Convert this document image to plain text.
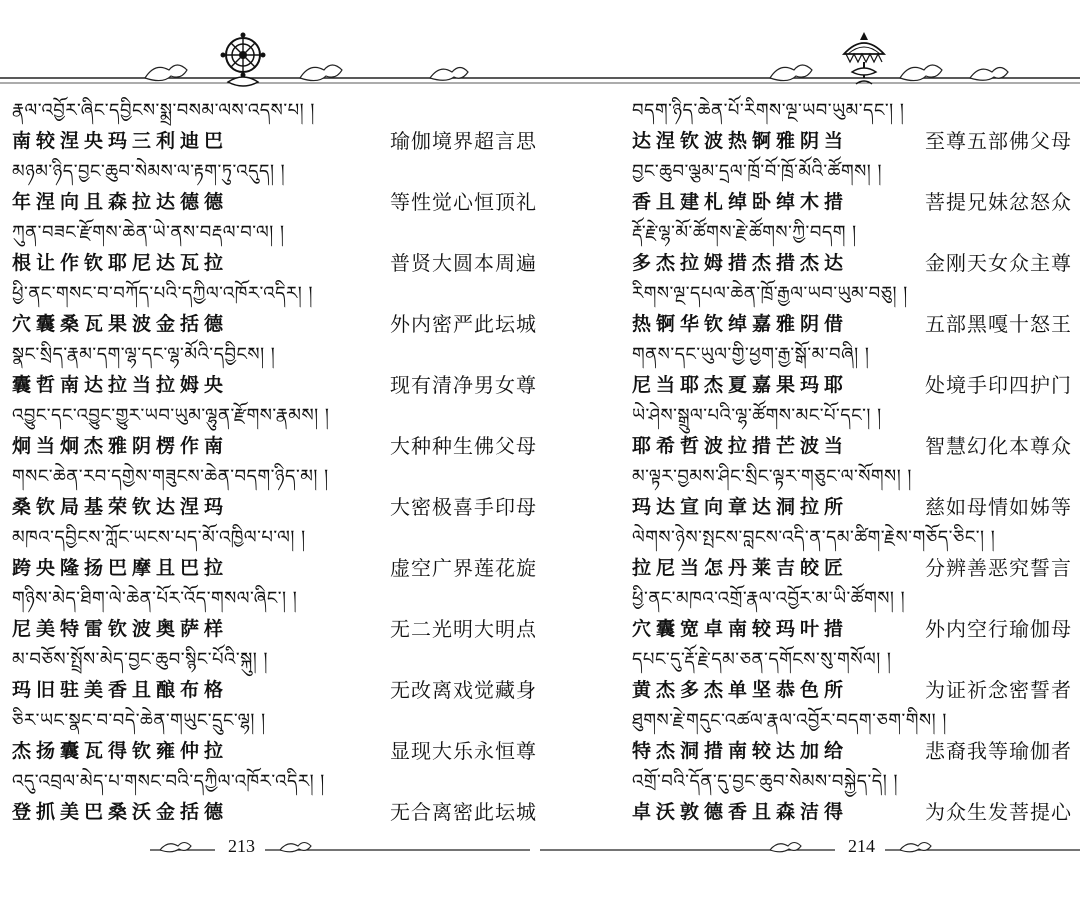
རྣལ་འབྱོར་ཞིང་དབྱིངས་སྨྲ་བསམ་ལས་འདས་པ། །
南较涅央玛三利迪巴	瑜伽境界超言思
མཉམ་ཉིད་བྱང་ཆུབ་སེམས་ལ་རྟག་ཏུ་འདུད། །
年涅向且森拉达德德	等性觉心恒顶礼
ཀུན་བཟང་རྫོགས་ཆེན་ཡེ་ནས་བརྡལ་བ་ལ། །
根让作钦耶尼达瓦拉	普贤大圆本周遍
ཕྱི་ནང་གསང་བ་བཀོད་པའི་དཀྱིལ་འཁོར་འདིར། །
穴囊桑瓦果波金括德	外内密严此坛城
སྣང་སྲིད་རྣམ་དག་ལྷ་དང་ལྷ་མོའི་དབྱིངས། །
囊哲南达拉当拉姆央	现有清净男女尊
འབྱུང་དང་འབྱུང་གྱུར་ཡབ་ཡུམ་ལྷུན་རྫོགས་རྣམས། །
炯当炯杰雅阴楞作南	大种种生佛父母
གསང་ཆེན་རབ་དགྱེས་གཟུངས་ཆེན་བདག་ཉིད་མ། །
桑钦局基荣钦达涅玛	大密极喜手印母
མཁའ་དབྱིངས་ཀློང་ཡངས་པད་མོ་འཁྱིལ་པ་ལ། །
跨央隆扬巴摩且巴拉	虚空广界莲花旋
གཉིས་མེད་ཐིག་ལེ་ཆེན་པོར་འོད་གསལ་ཞིང་། །
尼美特雷钦波奥萨样	无二光明大明点
མ་བཅོས་སྤྲོས་མེད་བྱང་ཆུབ་སྙིང་པོའི་སྐུ། །
玛旧驻美香且酿布格	无改离戏觉藏身
ཅིར་ཡང་སྣང་བ་བདེ་ཆེན་གཡུང་དྲུང་ལྷ། །
杰扬囊瓦得钦雍仲拉	显现大乐永恒尊
འདུ་འབྲལ་མེད་པ་གསང་བའི་དཀྱིལ་འཁོར་འདིར། །
登抓美巴桑沃金括德	无合离密此坛城
213
བདག་ཉིད་ཆེན་པོ་རིགས་ལྔ་ཡབ་ཡུམ་དང་། །
达涅钦波热锕雅阴当	至尊五部佛父母
བྱང་ཆུབ་ལྕམ་དྲལ་ཁྲོ་བོ་ཁྲོ་མོའི་ཚོགས། །
香且建札绰卧绰木措	菩提兄妹忿怒众
རྡོ་རྗེ་ལྷ་མོ་ཚོགས་རྗེ་ཚོགས་ཀྱི་བདག །
多杰拉姆措杰措杰达	金刚天女众主尊
རིགས་ལྔ་དཔལ་ཆེན་ཁྲོ་རྒྱལ་ཡབ་ཡུམ་བཅུ། །
热锕华钦绰嘉雅阴借	五部黑嘎十怒王
གནས་དང་ཡུལ་གྱི་ཕྱག་རྒྱ་སྒོ་མ་བཞི། །
尼当耶杰夏嘉果玛耶	处境手印四护门
ཡེ་ཤེས་སྒྲུལ་པའི་ལྷ་ཚོགས་མང་པོ་དང་། །
耶希哲波拉措芒波当	智慧幻化本尊众
མ་ལྟར་བྱམས་ཤིང་སྲིང་ལྟར་གཅུང་ལ་སོགས། །
玛达宣向章达洞拉所	慈如母情如姊等
ལེགས་ཉེས་སྤངས་བླངས་འདི་ན་དམ་ཚིག་རྗེས་གཅོད་ཅིང་། །
拉尼当怎丹莱吉皎匠	分辨善恶究誓言
ཕྱི་ནང་མཁའ་འགྲོ་རྣལ་འབྱོར་མ་ཡི་ཚོགས། །
穴囊宽卓南较玛叶措	外内空行瑜伽母
དཔང་དུ་རྡོ་རྗེ་དམ་ཅན་དགོངས་སུ་གསོལ། །
黄杰多杰单坚恭色所	为证祈念密誓者
ཐུགས་རྗེ་གདུང་འཚལ་རྣལ་འབྱོར་བདག་ཅག་གིས། །
特杰洞措南较达加给	悲裔我等瑜伽者
འགྲོ་བའི་དོན་དུ་བྱང་ཆུབ་སེམས་བསྐྱེད་དེ། །
卓沃敦德香且森洁得	为众生发菩提心
214
